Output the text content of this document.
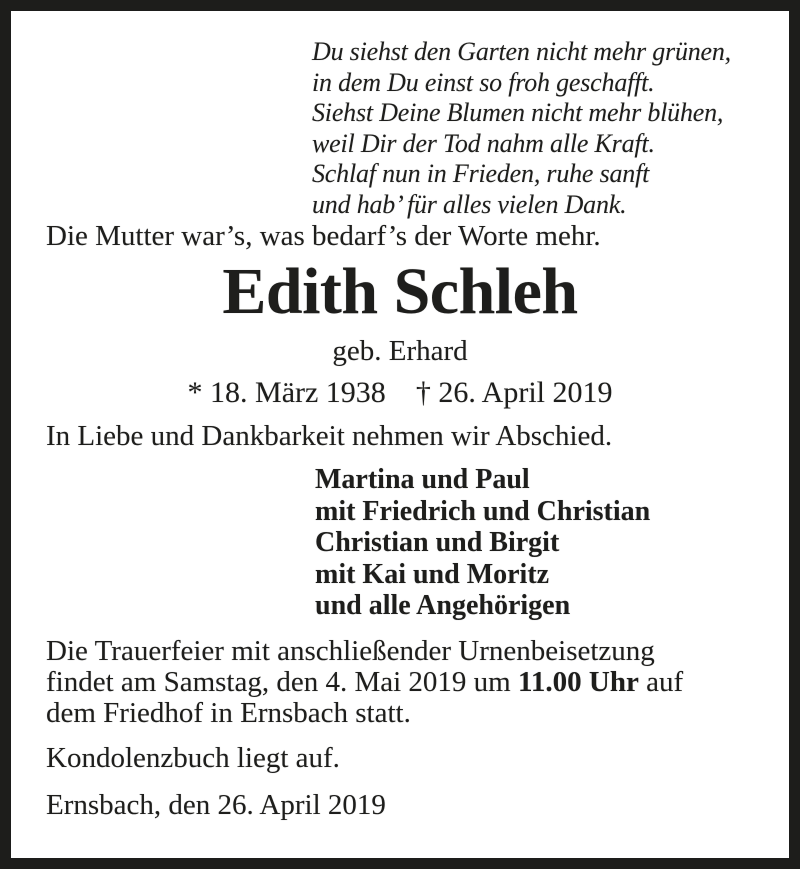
Du siehst den Garten nicht mehr grünen,
in dem Du einst so froh geschafft.
Siehst Deine Blumen nicht mehr blühen,
weil Dir der Tod nahm alle Kraft.
Schlaf nun in Frieden, ruhe sanft
und hab’ für alles vielen Dank.
Die Mutter war’s, was bedarf’s der Worte mehr.
Edith Schleh
geb. Erhard
* 18. März 1938 † 26. April 2019
In Liebe und Dankbarkeit nehmen wir Abschied.
Martina und Paul
mit Friedrich und Christian
Christian und Birgit
mit Kai und Moritz
und alle Angehörigen
Die Trauerfeier mit anschließender Urnenbeisetzung
findet am Samstag, den 4. Mai 2019 um 11.00 Uhr auf
dem Friedhof in Ernsbach statt.
Kondolenzbuch liegt auf.
Ernsbach, den 26. April 2019
